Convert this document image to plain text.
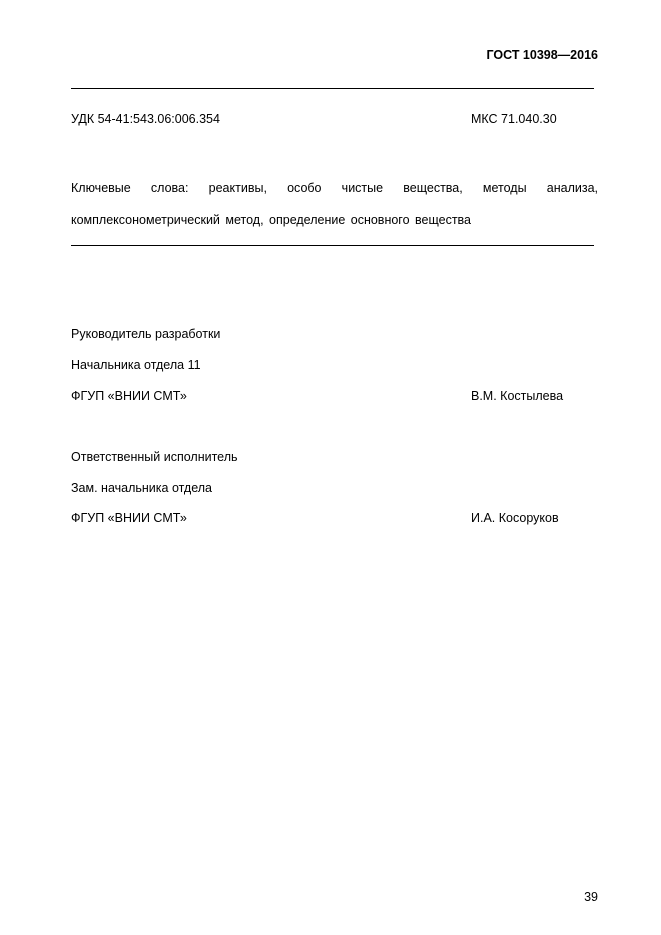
ГОСТ 10398—2016
УДК 54-41:543.06:006.354	МКС 71.040.30
Ключевые слова: реактивы, особо чистые вещества, методы анализа, комплексонометрический метод, определение основного вещества
Руководитель разработки
Начальника отдела 11
ФГУП «ВНИИ СМТ»	В.М. Костылева
Ответственный исполнитель
Зам. начальника отдела
ФГУП «ВНИИ СМТ»	И.А. Косоруков
39
